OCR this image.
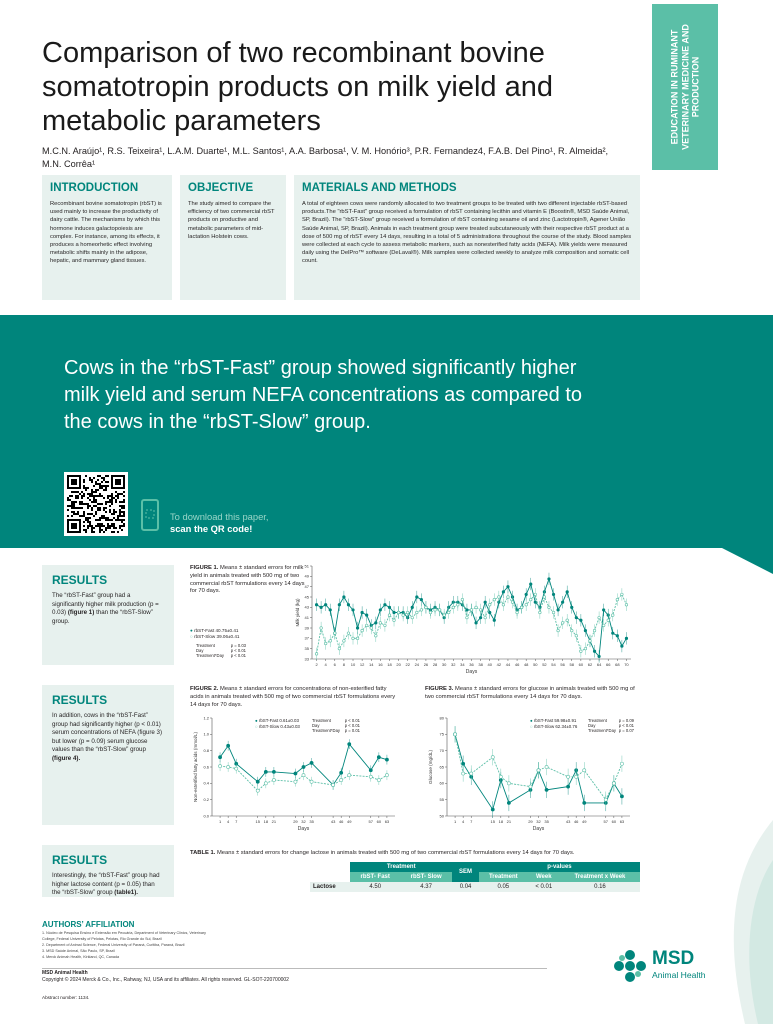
Comparison of two recombinant bovine somatotropin products on milk yield and metabolic parameters
M.C.N. Araújo¹, R.S. Teixeira¹, L.A.M. Duarte¹, M.L. Santos¹, A.A. Barbosa¹, V. M. Honório³, P.R. Fernandez4, F.A.B. Del Pino¹, R. Almeida², M.N. Corrêa¹
EDUCATION IN RUMINANT VETERINARY MEDICINE AND PRODUCTION
INTRODUCTION

Recombinant bovine somatotropin (rbST) is used mainly to increase the productivity of dairy cattle. The mechanisms by which this hormone induces galactopoiesis are complex. For instance, among its effects, it produces a homeorhetic effect involving metabolic shifts mainly in the adipose, hepatic, and mammary gland tissues.

OBJECTIVE

The study aimed to compare the efficiency of two commercial rbST products on productive and metabolic parameters of mid-lactation Holstein cows.

MATERIALS AND METHODS

A total of eighteen cows were randomly allocated to two treatment groups to be treated with two different injectable rbST-based products.The "rbST-Fast" group received a formulation of rbST containing lecithin and vitamin E (Boostin®, MSD Saúde Animal, SP, Brazil). The "rbST-Slow" group received a formulation of rbST containing sesame oil and zinc (Lactotropin®, Agener União Saúde Animal, SP, Brazil). Animals in each treatment group were treated subcutaneously with their respective rbST product at a dose of 500 mg of rbST every 14 days, resulting in a total of 5 administrations throughout the course of the study. Blood samples were collected at each cycle to assess metabolic markers, such as nonesterified fatty acids (NEFA). Milk yields were measured daily using the DelPro™ software (DeLaval®). Milk samples were collected weekly to analyze milk composition and somatic cell count.

Cows in the “rbST-Fast” group showed significantly higher milk yield and serum NEFA concentrations as compared to the cows in the “rbST-Slow” group.
To download this paper,
scan the QR code!
RESULTS

The “rbST-Fast” group had a significantly higher milk production (p = 0.03) (figure 1) than the “rbST-Slow” group.

RESULTS

In addition, cows in the “rbST-Fast” group had significantly higher (p < 0.01) serum concentrations of NEFA (figure 3) but lower (p = 0.09) serum glucose values than the “rbST-Slow” group (figure 4).

RESULTS

Interestingly, the “rbST-Fast” group had higher lactose content (p = 0.05) than the “rbST-Slow” group (table1).

FIGURE 1. Means ± standard errors for milk yield in animals treated with 500 mg of two commercial rbST formulations every 14 days for 70 days.
FIGURE 2. Means ± standard errors for concentrations of non-esterified fatty acids in animals treated with 500 mg of two commercial rbST formulations every 14 days for 70 days.
FIGURE 3. Means ± standard errors for glucose in animals treated with 500 mg of two commercial rbST formulations every 14 days for 70 days.
● rbST-Fast 40.75±0.41
○ rbST-Slow 39.06±0.41
Treatment	p = 0.03
Day	p < 0.01
Treatment*Day p < 0.01
33
35
37
39
41
43
45
47
49
51
2 4 6 8 10 12 14 16 18 20 22 24 26 28 30 32 34 36 38 40 42 44 46 48 50 52 54 56 58 60 62 64 66 68 70
Days
Milk yield (kg)
0.0
0.2
0.4
0.6
0.8
1.0
1.2
1 4 7	15 18 21	29 32 35	43 46 49	57 60 63
Days
Non-esterified fatty acids (mmol/L)
50
55
60
65
70
75
80
1 4 7	15 18 21	29 32 35	43 46 49	57 60 63
Days
Glucose (mg/dL)
● rbST-Fast 0.61±0.03
○ rbST-Slow 0.43±0.03
Treatment	p < 0.01
Day	p < 0.01
Treatment*Day p = 0.01
● rbST-Fast 59.98±0.91
○ rbST-Slow 62.34±0.76
Treatment	p = 0.09
Day	p < 0.01
Treatment*Day p = 0.07
TABLE 1. Means ± standard errors for change lactose in animals treated with 500 mg of two commercial rbST formulations every 14 days for 70 days.
	Treatment		SEM	p-values		
	rbST- Fast	rbST- Slow		Treatment	Week	Treatment x Week
Lactose	4.50	4.37	0.04	0.05	< 0.01	0.16
AUTHORS’ AFFILIATION
1. Núcleo de Pesquisa Ensino e Extensão em Pecuária, Department of Veterinary Clinics, Veterinary
College, Federal University of Pelotas, Pelotas, Rio Grande do Sul, Brazil
2. Department of Animal Science, Federal University of Paraná, Curitiba, Paraná, Brazil
3. MSD Saúde Animal, São Paulo, SP, Brazil
4. Merck Animah Health, Kirkland, QC, Canada
MSD Animal Health
Copyright © 2024 Merck & Co., Inc., Rahway, NJ, USA and its affiliates. All rights reserved. GL-SOT-220700002
Abstract number: 1134.
MSD
Animal Health
